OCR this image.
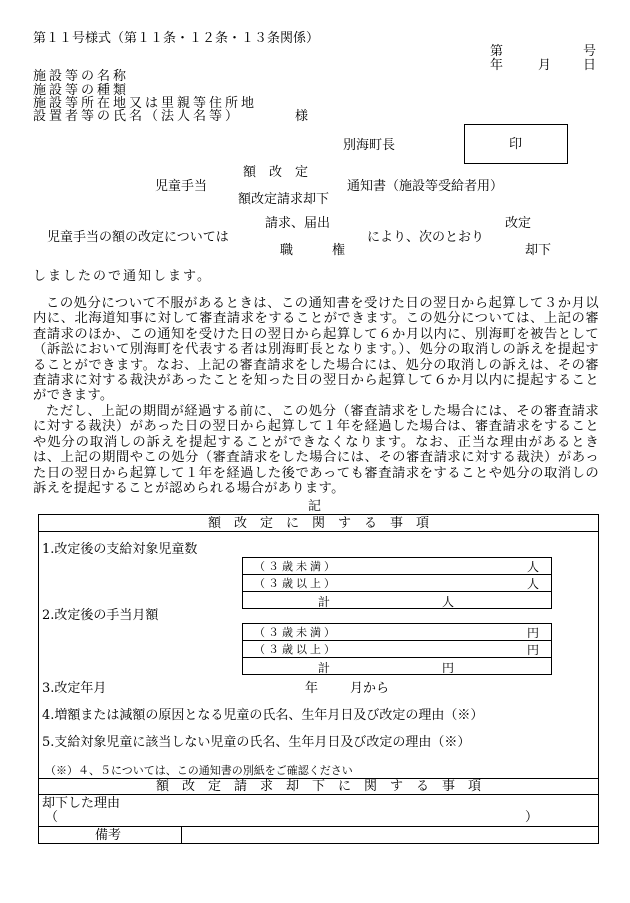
第１１号様式（第１１条・１２条・１３条関係）
第	号
年	月 日
施設等の名称
施設等の種類
施設等所在地又は里親等住所地
設置者等の氏名（法人名等）	様
別海町長	印
額　改　定
児童手当	通知書（施設等受給者用）
額改定請求却下
請求、届出	改定
児童手当の額の改定については	により、次のとおり
職　　　権	却下
しましたので通知します。
この処分について不服があるときは、この通知書を受けた日の翌日から起算して３か月以内に、北海道知事に対して審査請求をすることができます。この処分については、上記の審査請求のほか、この通知を受けた日の翌日から起算して６か月以内に、別海町を被告として（訴訟において別海町を代表する者は別海町長となります。）、処分の取消しの訴えを提起することができます。なお、上記の審査請求をした場合には、処分の取消しの訴えは、その審査請求に対する裁決があったことを知った日の翌日から起算して６か月以内に提起することができます。
ただし、上記の期間が経過する前に、この処分（審査請求をした場合には、その審査請求に対する裁決）があった日の翌日から起算して１年を経過した場合は、審査請求をすることや処分の取消しの訴えを提起することができなくなります。なお、正当な理由があるときは、上記の期間やこの処分（審査請求をした場合には、その審査請求に対する裁決）があった日の翌日から起算して１年を経過した後であっても審査請求をすることや処分の取消しの訴えを提起することが認められる場合があります。
記
額　改　定　に　関　す　る　事　項
1.改定後の支給対象児童数
（３歳未満）	人
（３歳以上）	人
計	人
2.改定後の手当月額
（３歳未満）	円
（３歳以上）	円
計	円
3.改定年月	年 月から
4.増額または減額の原因となる児童の氏名、生年月日及び改定の理由（※）
5.支給対象児童に該当しない児童の氏名、生年月日及び改定の理由（※）
（※）４、５については、この通知書の別紙をご確認ください
額　改　定　請　求　却　下　に　関　す　る　事　項
却下した理由
（	）
備考
